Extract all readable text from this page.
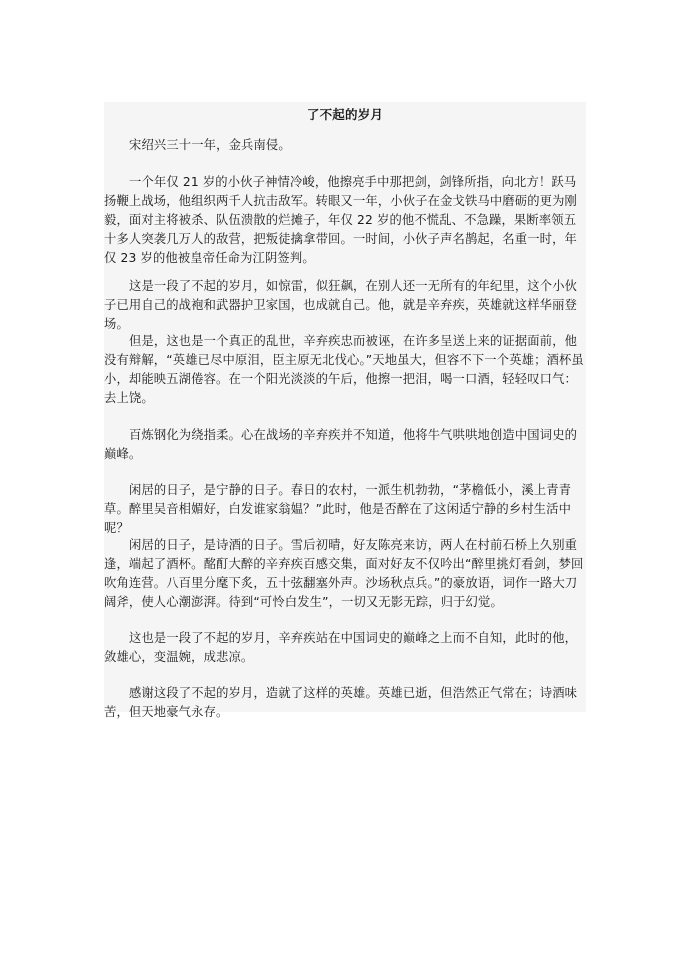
了不起的岁月

宋绍兴三十一年，金兵南侵。

一个年仅 21 岁的小伙子神情冷峻，他擦亮手中那把剑，剑锋所指，向北方！跃马扬鞭上战场，他组织两千人抗击敌军。转眼又一年，小伙子在金戈铁马中磨砺的更为刚毅，面对主将被杀、队伍溃散的烂摊子，年仅 22 岁的他不慌乱、不急躁，果断率领五十多人突袭几万人的敌营，把叛徒擒拿带回。一时间，小伙子声名鹊起，名重一时，年仅 23 岁的他被皇帝任命为江阴签判。

这是一段了不起的岁月，如惊雷，似狂飙，在别人还一无所有的年纪里，这个小伙子已用自己的战袍和武器护卫家国，也成就自己。他，就是辛弃疾，英雄就这样华丽登场。

但是，这也是一个真正的乱世，辛弃疾忠而被诬，在许多呈送上来的证据面前，他没有辩解，“英雄已尽中原泪，臣主原无北伐心。”天地虽大，但容不下一个英雄；酒杯虽小，却能映五湖倦容。在一个阳光淡淡的午后，他擦一把泪，喝一口酒，轻轻叹口气：去上饶。

百炼钢化为绕指柔。心在战场的辛弃疾并不知道，他将牛气哄哄地创造中国词史的巅峰。

闲居的日子，是宁静的日子。春日的农村，一派生机勃勃，“茅檐低小，溪上青青草。醉里吴音相媚好，白发谁家翁媪？”此时，他是否醉在了这闲适宁静的乡村生活中呢？

闲居的日子，是诗酒的日子。雪后初晴，好友陈亮来访，两人在村前石桥上久别重逢，端起了酒杯。酩酊大醉的辛弃疾百感交集，面对好友不仅吟出“醉里挑灯看剑，梦回吹角连营。八百里分麾下炙，五十弦翻塞外声。沙场秋点兵。”的豪放语，词作一路大刀阔斧，使人心潮澎湃。待到“可怜白发生”，一切又无影无踪，归于幻觉。

这也是一段了不起的岁月，辛弃疾站在中国词史的巅峰之上而不自知，此时的他，敛雄心，变温婉，成悲凉。

感谢这段了不起的岁月，造就了这样的英雄。英雄已逝，但浩然正气常在；诗酒味苦，但天地豪气永存。
